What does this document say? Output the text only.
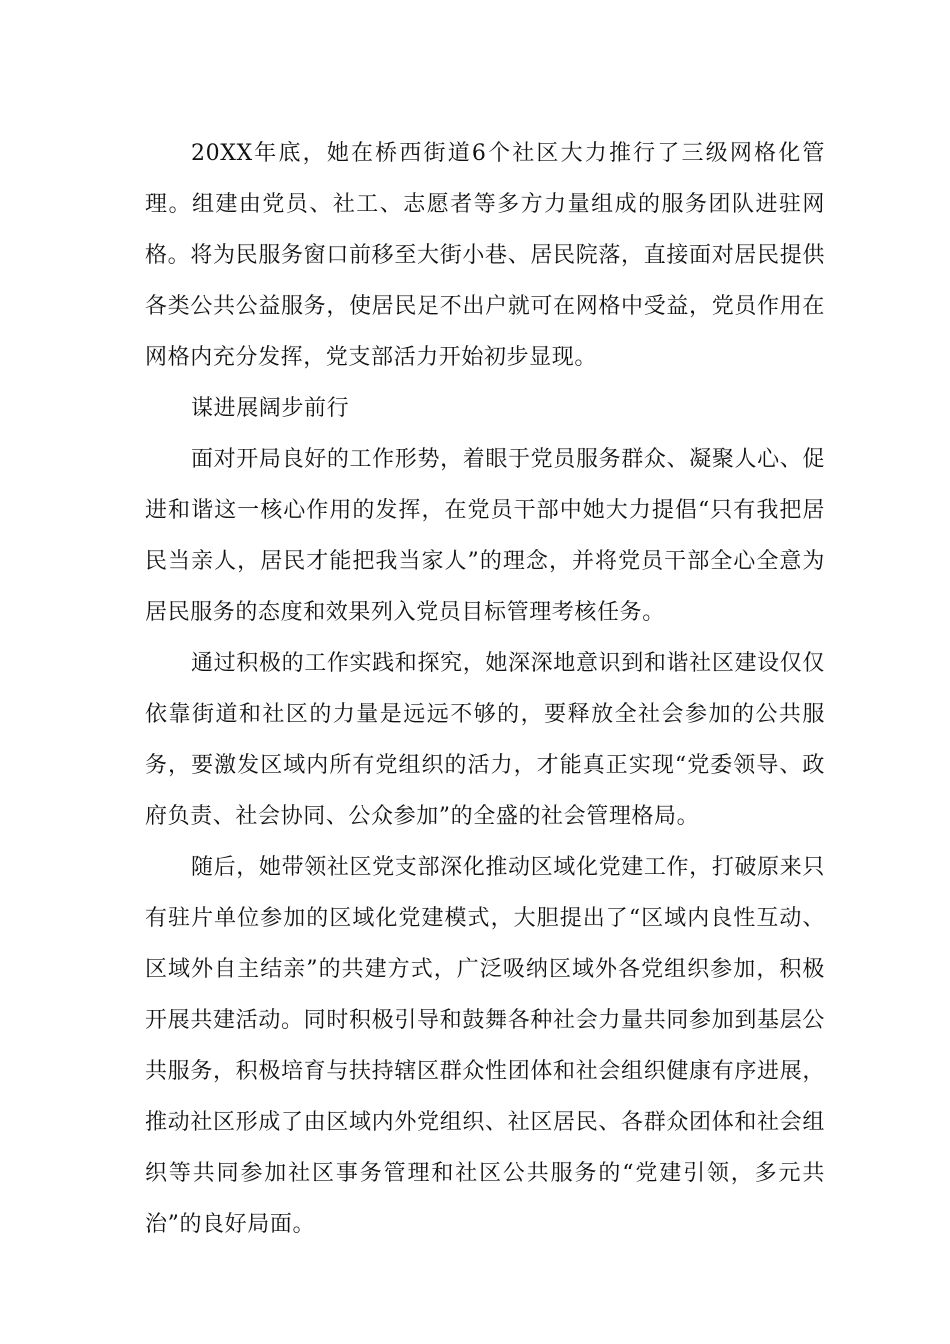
20XX年底，她在桥西街道6个社区大力推行了三级网格化管理。组建由党员、社工、志愿者等多方力量组成的服务团队进驻网格。将为民服务窗口前移至大街小巷、居民院落，直接面对居民提供各类公共公益服务，使居民足不出户就可在网格中受益，党员作用在网格内充分发挥，党支部活力开始初步显现。

谋进展阔步前行

面对开局良好的工作形势，着眼于党员服务群众、凝聚人心、促进和谐这一核心作用的发挥，在党员干部中她大力提倡“只有我把居民当亲人，居民才能把我当家人”的理念，并将党员干部全心全意为居民服务的态度和效果列入党员目标管理考核任务。

通过积极的工作实践和探究，她深深地意识到和谐社区建设仅仅依靠街道和社区的力量是远远不够的，要释放全社会参加的公共服务，要激发区域内所有党组织的活力，才能真正实现“党委领导、政府负责、社会协同、公众参加”的全盛的社会管理格局。

随后，她带领社区党支部深化推动区域化党建工作，打破原来只有驻片单位参加的区域化党建模式，大胆提出了“区域内良性互动、区域外自主结亲”的共建方式，广泛吸纳区域外各党组织参加，积极开展共建活动。同时积极引导和鼓舞各种社会力量共同参加到基层公共服务，积极培育与扶持辖区群众性团体和社会组织健康有序进展，推动社区形成了由区域内外党组织、社区居民、各群众团体和社会组织等共同参加社区事务管理和社区公共服务的“党建引领，多元共治”的良好局面。
